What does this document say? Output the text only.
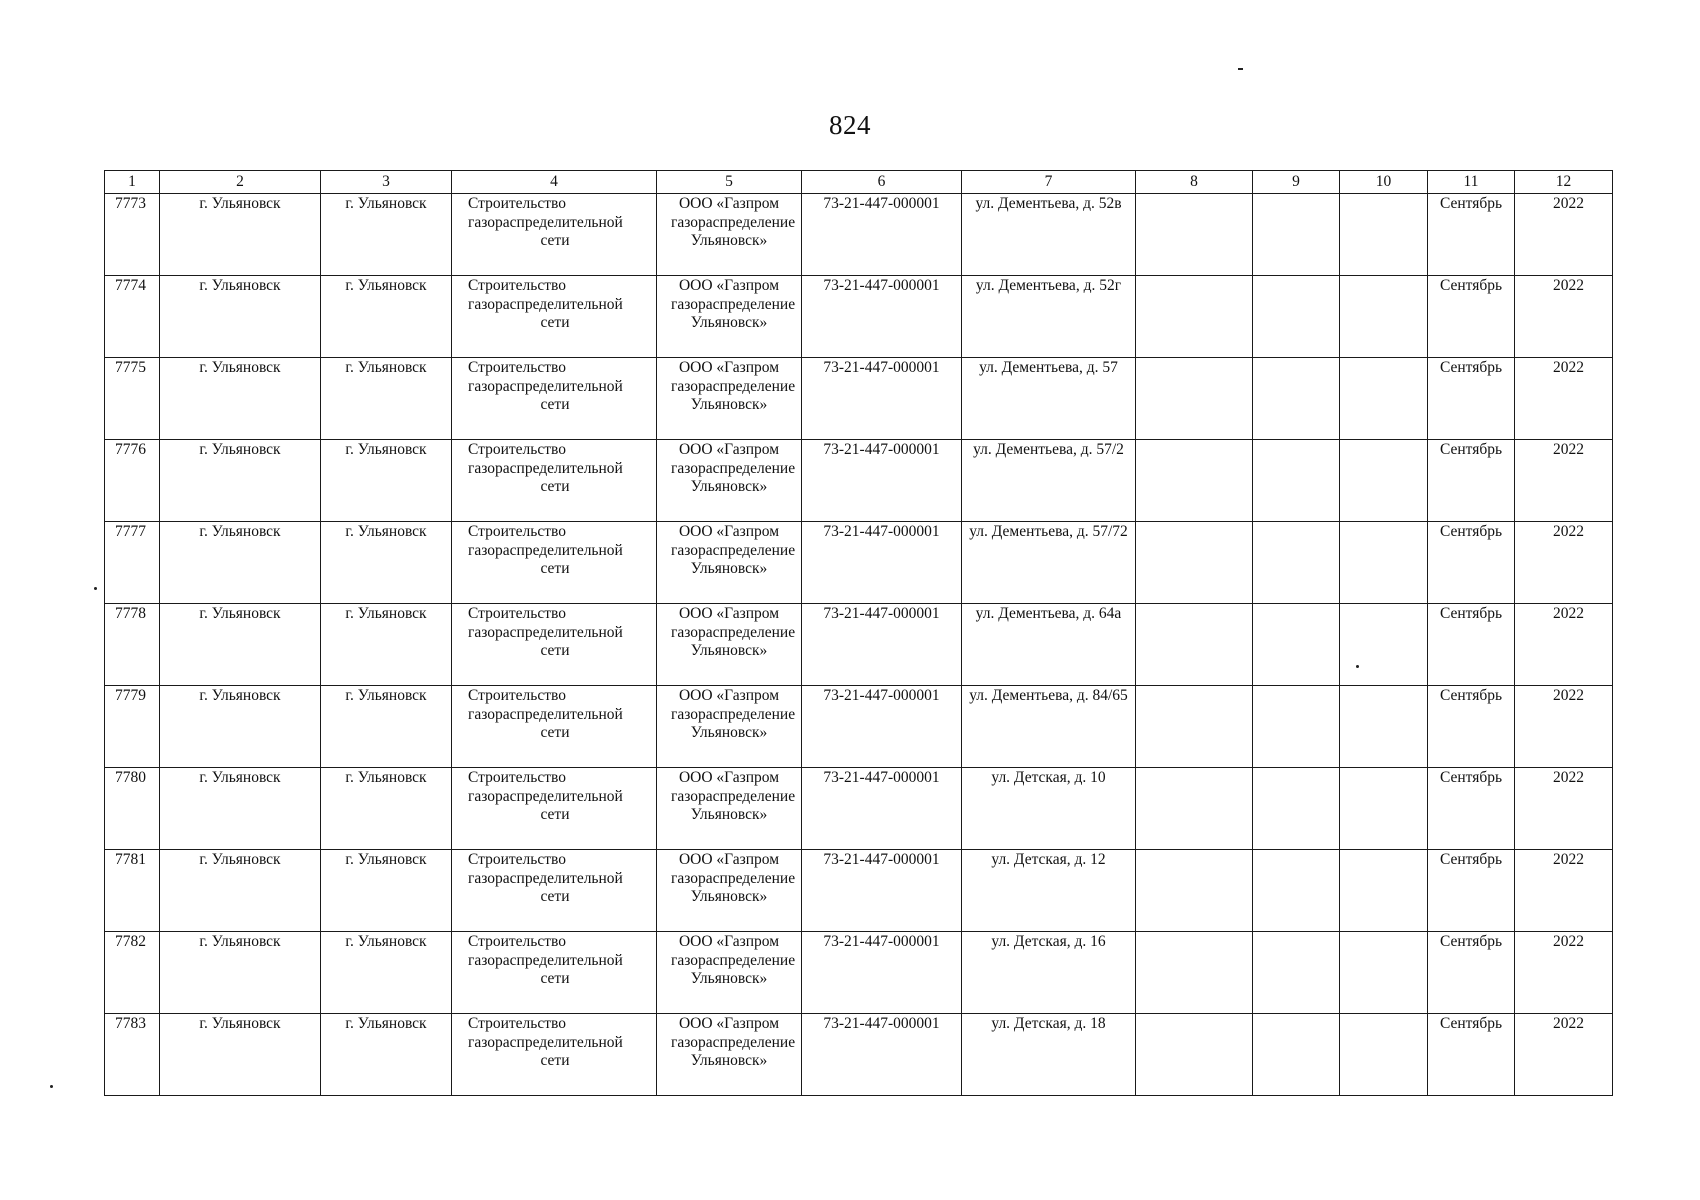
824
1	2	3	4	5	6	7	8	9	10	11	12
7773	г. Ульяновск	г. Ульяновск	Строительство газораспределительной сети	ООО «Газпром газораспределение Ульяновск»	73-21-447-000001	ул. Дементьева, д. 52в				Сентябрь	2022
7774	г. Ульяновск	г. Ульяновск	Строительство газораспределительной сети	ООО «Газпром газораспределение Ульяновск»	73-21-447-000001	ул. Дементьева, д. 52г				Сентябрь	2022
7775	г. Ульяновск	г. Ульяновск	Строительство газораспределительной сети	ООО «Газпром газораспределение Ульяновск»	73-21-447-000001	ул. Дементьева, д. 57				Сентябрь	2022
7776	г. Ульяновск	г. Ульяновск	Строительство газораспределительной сети	ООО «Газпром газораспределение Ульяновск»	73-21-447-000001	ул. Дементьева, д. 57/2				Сентябрь	2022
7777	г. Ульяновск	г. Ульяновск	Строительство газораспределительной сети	ООО «Газпром газораспределение Ульяновск»	73-21-447-000001	ул. Дементьева, д. 57/72				Сентябрь	2022
7778	г. Ульяновск	г. Ульяновск	Строительство газораспределительной сети	ООО «Газпром газораспределение Ульяновск»	73-21-447-000001	ул. Дементьева, д. 64а				Сентябрь	2022
7779	г. Ульяновск	г. Ульяновск	Строительство газораспределительной сети	ООО «Газпром газораспределение Ульяновск»	73-21-447-000001	ул. Дементьева, д. 84/65				Сентябрь	2022
7780	г. Ульяновск	г. Ульяновск	Строительство газораспределительной сети	ООО «Газпром газораспределение Ульяновск»	73-21-447-000001	ул. Детская, д. 10				Сентябрь	2022
7781	г. Ульяновск	г. Ульяновск	Строительство газораспределительной сети	ООО «Газпром газораспределение Ульяновск»	73-21-447-000001	ул. Детская, д. 12				Сентябрь	2022
7782	г. Ульяновск	г. Ульяновск	Строительство газораспределительной сети	ООО «Газпром газораспределение Ульяновск»	73-21-447-000001	ул. Детская, д. 16				Сентябрь	2022
7783	г. Ульяновск	г. Ульяновск	Строительство газораспределительной сети	ООО «Газпром газораспределение Ульяновск»	73-21-447-000001	ул. Детская, д. 18				Сентябрь	2022
